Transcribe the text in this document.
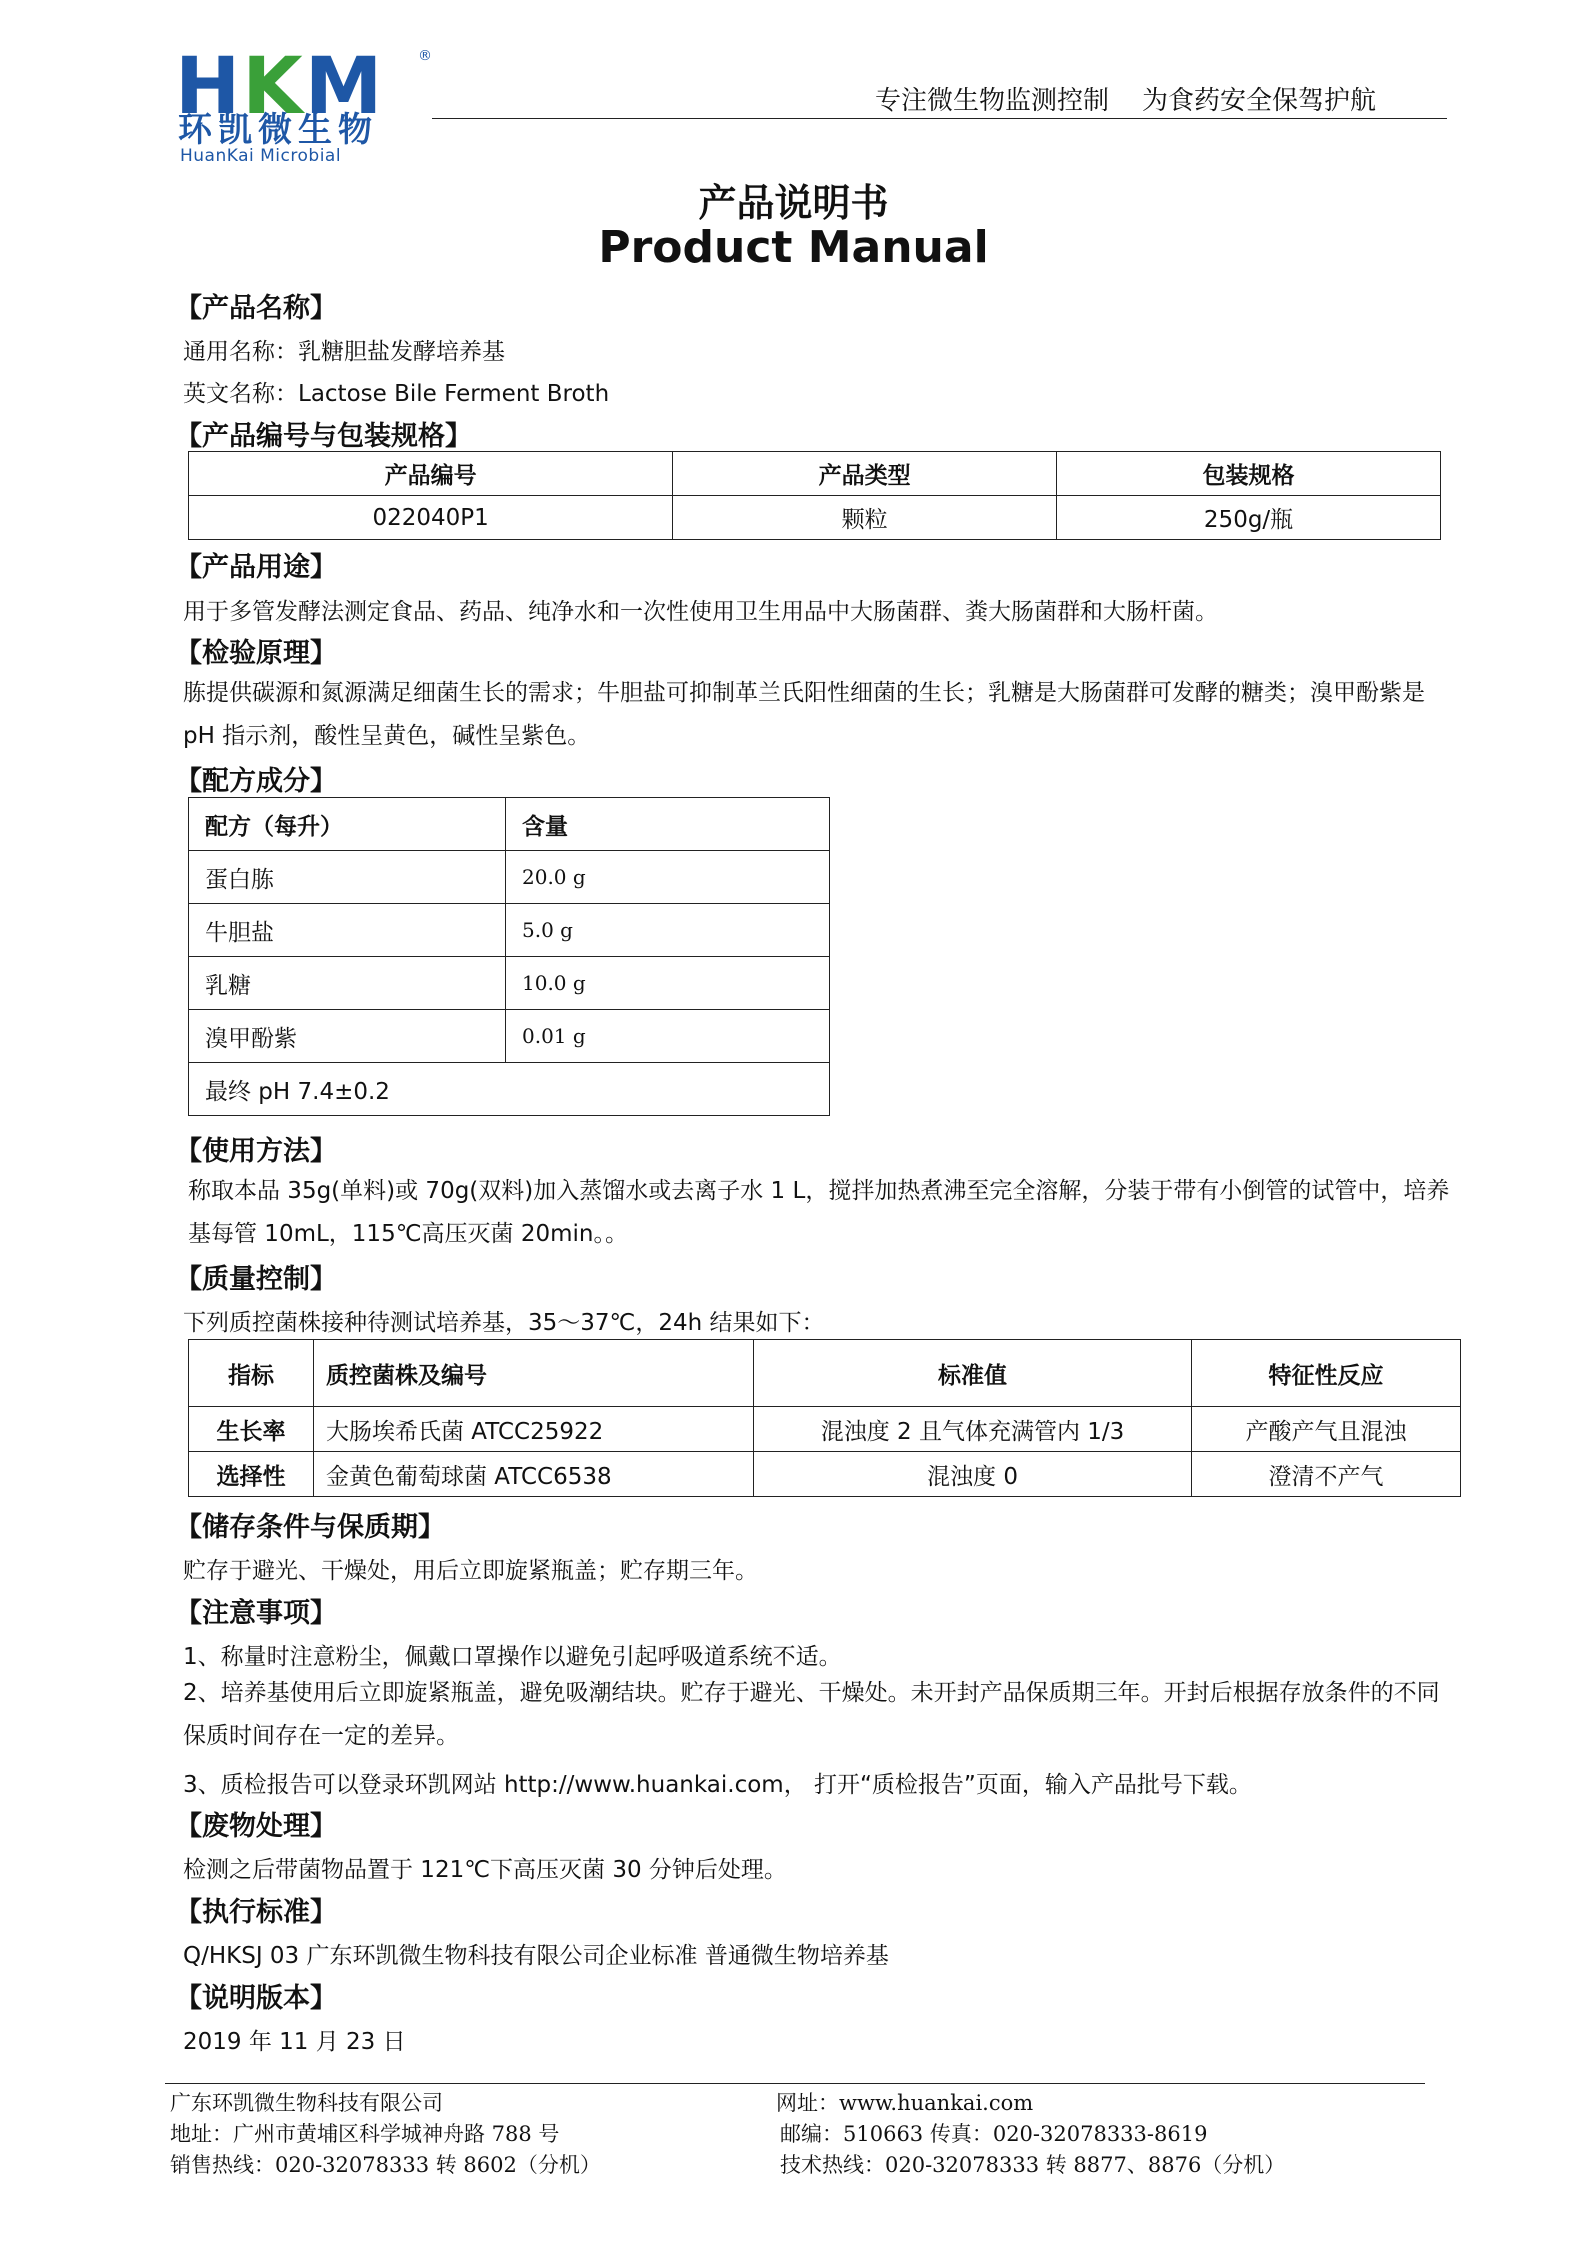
HKM ®
环凯微生物
HuanKai Microbial
专注微生物监测控制    为食药安全保驾护航
产品说明书
Product Manual
【产品名称】
通用名称：乳糖胆盐发酵培养基
英文名称：Lactose Bile Ferment Broth
【产品编号与包装规格】
产品编号	产品类型	包装规格
022040P1	颗粒	250g/瓶
【产品用途】
用于多管发酵法测定食品、药品、纯净水和一次性使用卫生用品中大肠菌群、粪大肠菌群和大肠杆菌。
【检验原理】
胨提供碳源和氮源满足细菌生长的需求；牛胆盐可抑制革兰氏阳性细菌的生长；乳糖是大肠菌群可发酵的糖类；溴甲酚紫是 pH 指示剂，酸性呈黄色，碱性呈紫色。
【配方成分】
配方（每升）	含量
蛋白胨	20.0 g
牛胆盐	5.0 g
乳糖	10.0 g
溴甲酚紫	0.01 g
最终 pH 7.4±0.2	
【使用方法】
称取本品 35g(单料)或 70g(双料)加入蒸馏水或去离子水 1 L，搅拌加热煮沸至完全溶解，分装于带有小倒管的试管中，培养基每管 10mL，115℃高压灭菌 20min。。
【质量控制】
下列质控菌株接种待测试培养基，35～37℃，24h 结果如下：
指标	质控菌株及编号	标准值	特征性反应
生长率	大肠埃希氏菌 ATCC25922	混浊度 2 且气体充满管内 1/3	产酸产气且混浊
选择性	金黄色葡萄球菌 ATCC6538	混浊度 0	澄清不产气
【储存条件与保质期】
贮存于避光、干燥处，用后立即旋紧瓶盖；贮存期三年。
【注意事项】
1、称量时注意粉尘，佩戴口罩操作以避免引起呼吸道系统不适。
2、培养基使用后立即旋紧瓶盖，避免吸潮结块。贮存于避光、干燥处。未开封产品保质期三年。开封后根据存放条件的不同保质时间存在一定的差异。
3、质检报告可以登录环凯网站 http://www.huankai.com， 打开“质检报告”页面，输入产品批号下载。
【废物处理】
检测之后带菌物品置于 121℃下高压灭菌 30 分钟后处理。
【执行标准】
Q/HKSJ 03 广东环凯微生物科技有限公司企业标准 普通微生物培养基
【说明版本】
2019 年 11 月 23 日
广东环凯微生物科技有限公司
地址：广州市黄埔区科学城神舟路 788 号
销售热线：020-32078333 转 8602（分机）
网址：www.huankai.com
邮编：510663 传真：020-32078333-8619
技术热线：020-32078333 转 8877、8876（分机）
